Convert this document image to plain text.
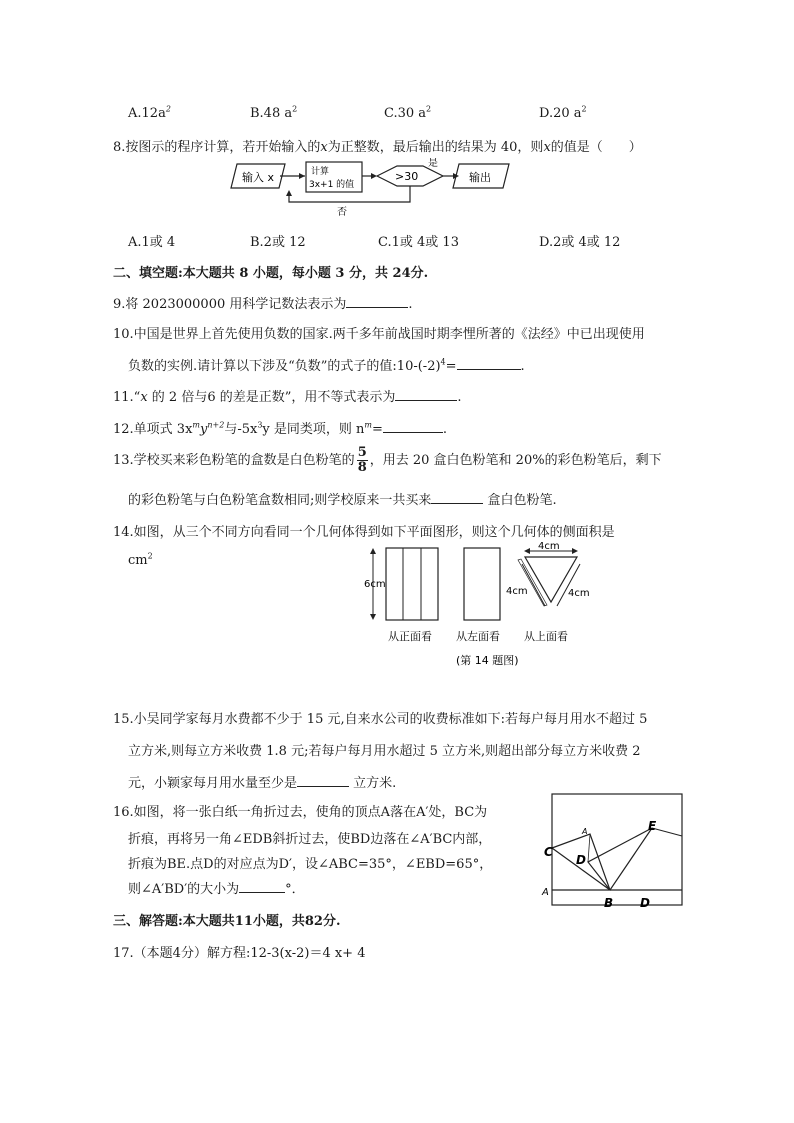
$A.12a^2$	B.48 $a^2$	C.30 $a^2$	D.20 $a^2$
8.按图示的程序计算，若开始输入的x为正整数，最后输出的结果为 40，则x的值是（　　）
输入 x	计算
3x+1 的值
>30
是
输出
否
A.1或 4	B.2或 12	C.1或 4或 13	D.2或 4或 12
二、填空题:本大题共 8 小题，每小题 3 分，共 24分.
9.将 2023000000 用科学记数法表示为	.
10.中国是世界上首先使用负数的国家.两千多年前战国时期李悝所著的《法经》中已出现使用
负数的实例.请计算以下涉及“负数”的式子的值$:10-(-2)^4=$	.
11.“x 的 2 倍与6 的差是正数”，用不等式表示为	.
12.单项式 $3x^my^{n+2}$与$-5x^3y$ 是同类项，则 $n^m=$	.
13.学校买来彩色粉笔的盒数是白色粉笔的 $\frac{5}{8}$ ，用去 20 盒白色粉笔和 20%的彩色粉笔后，剩下
的彩色粉笔与白色粉笔盒数相同;则学校原来一共买来	盒白色粉笔.
14.如图，从三个不同方向看同一个几何体得到如下平面图形，则这个几何体的侧面积是
$cm^2$
6cm
4cm
4cm	4cm
从正面看 从左面看 从上面看
(第 14 题图)
15.小吴同学家每月水费都不少于 15 元,自来水公司的收费标准如下:若每户每月用水不超过 5
立方米,则每立方米收费 1.8 元;若每户每月用水超过 5 立方米,则超出部分每立方米收费 2
元，小颖家每月用水量至少是	立方米.
16.如图，将一张白纸一角折过去，使角的顶点A落在A′处，BC为
折痕，再将另一角∠EDB斜折过去，使BD边落在∠A′BC内部，
折痕为BE.点D的对应点为D′，设∠ABC=35°，∠EBD=65°，
则∠A′BD′的大小为	°．	A
B
C
D
E
D
A
三、解答题:本大题共11小题，共82分.
17.（本题4分）解方程:12-3(x-2)＝4 x+ 4
